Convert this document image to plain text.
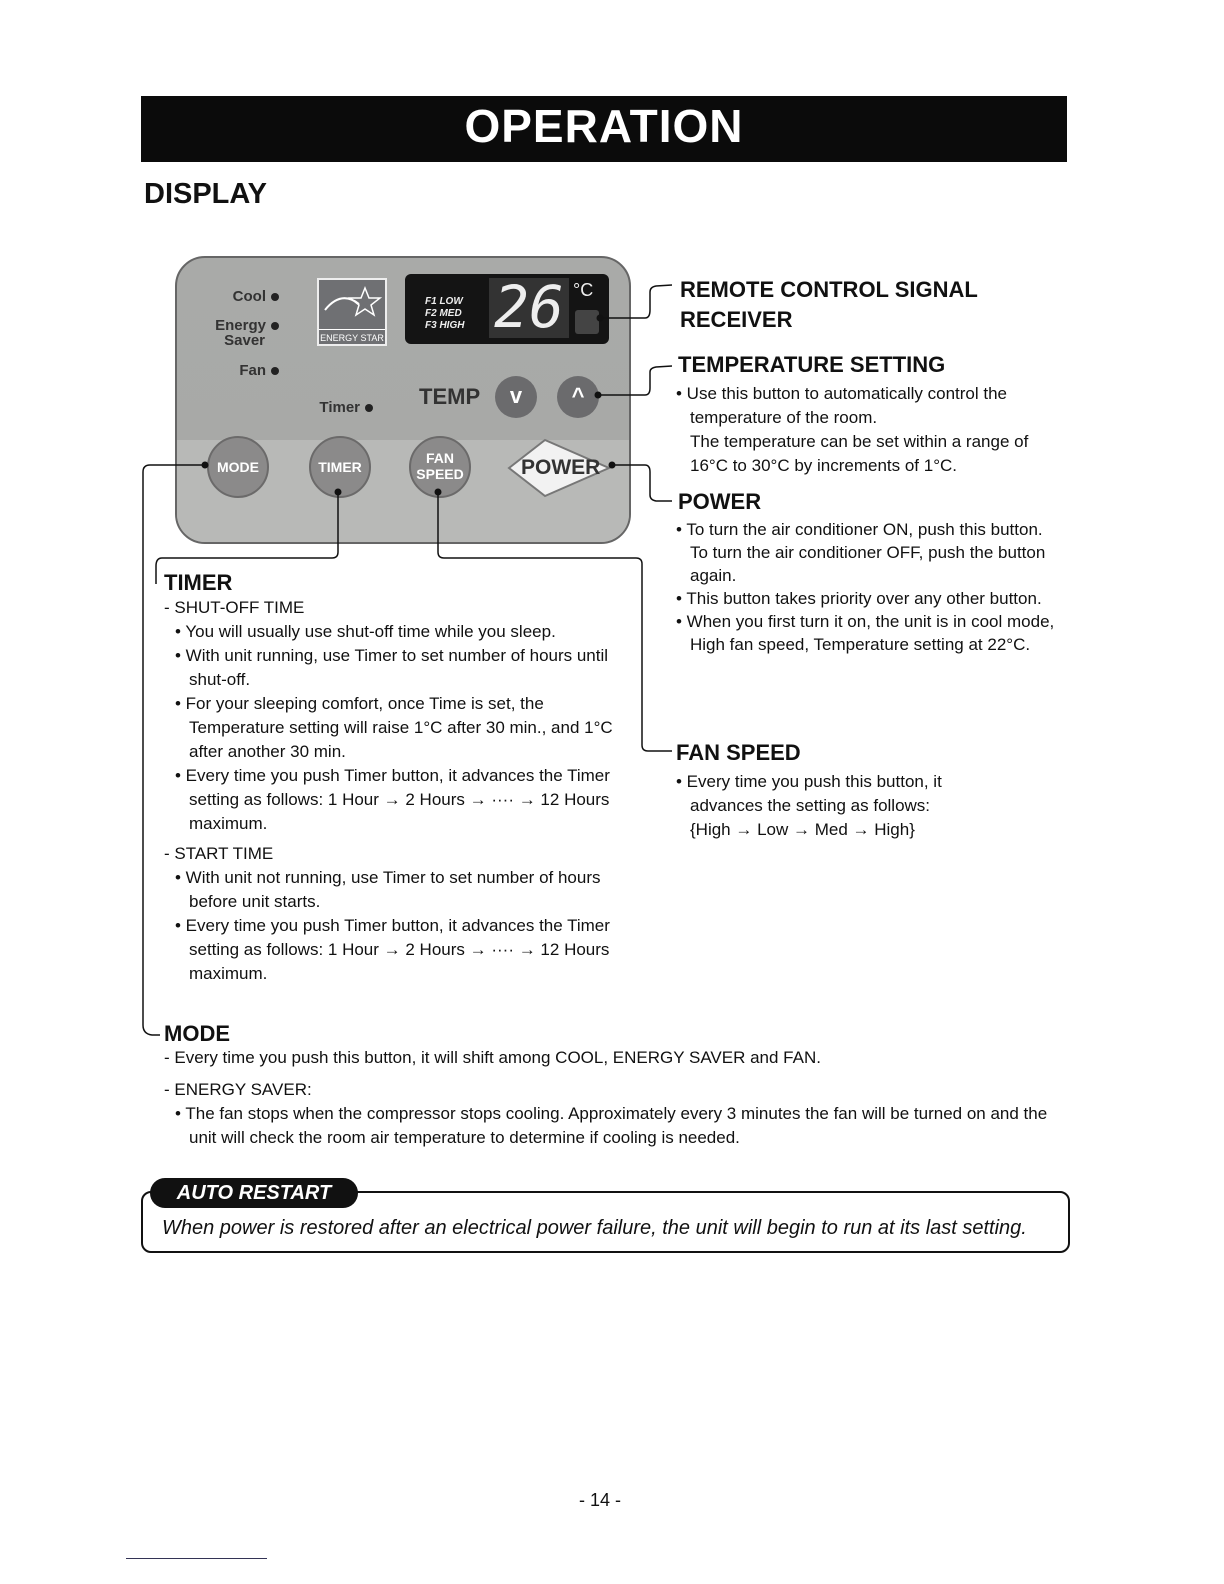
OPERATION
DISPLAY
Cool
Energy
Saver
Fan
Timer
ENERGY STAR
F1 LOW
F2 MED
F3 HIGH 26 °C
TEMP	v	^
MODE	TIMER
FAN
SPEED	POWER
REMOTE CONTROL SIGNAL
RECEIVER
TEMPERATURE SETTING
• Use this button to automatically control the temperature of the room.
The temperature can be set within a range of 16°C to 30°C by increments of 1°C.
POWER
• To turn the air conditioner ON, push this button.
To turn the air conditioner OFF, push the button again.
• This button takes priority over any other button.
• When you first turn it on, the unit is in cool mode, High fan speed, Temperature setting at 22°C.
FAN SPEED
• Every time you push this button, it advances the setting as follows:
{High → Low → Med → High}
TIMER
- SHUT-OFF TIME
• You will usually use shut-off time while you sleep.
• With unit running, use Timer to set number of hours until shut-off.
• For your sleeping comfort, once Time is set, the Temperature setting will raise 1°C after 30 min., and 1°C after another 30 min.
• Every time you push Timer button, it advances the Timer setting as follows: 1 Hour → 2 Hours → ···· → 12 Hours maximum.
- START TIME
• With unit not running, use Timer to set number of hours before unit starts.
• Every time you push Timer button, it advances the Timer setting as follows: 1 Hour → 2 Hours → ···· → 12 Hours maximum.
MODE
- Every time you push this button, it will shift among COOL, ENERGY SAVER and FAN.
- ENERGY SAVER:
• The fan stops when the compressor stops cooling. Approximately every 3 minutes the fan will be turned on and the unit will check the room air temperature to determine if cooling is needed.
AUTO RESTART
When power is restored after an electrical power failure, the unit will begin to run at its last setting.
- 14 -
